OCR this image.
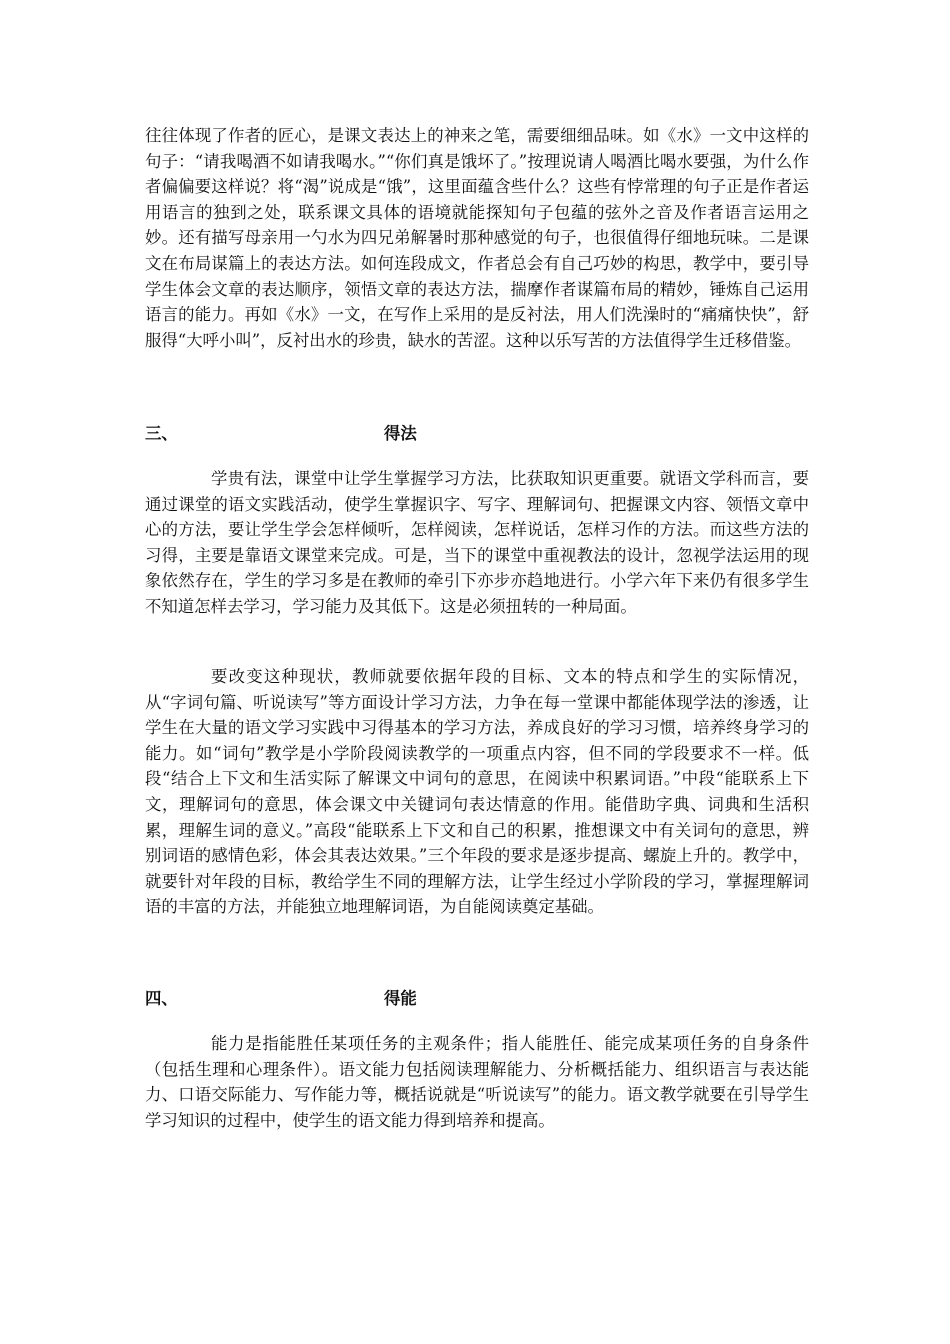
往往体现了作者的匠心，是课文表达上的神来之笔，需要细细品味。如《水》一文中这样的句子：“请我喝酒不如请我喝水。”“你们真是饿坏了。”按理说请人喝酒比喝水要强，为什么作者偏偏要这样说？将“渴”说成是“饿”，这里面蕴含些什么？这些有悖常理的句子正是作者运用语言的独到之处，联系课文具体的语境就能探知句子包蕴的弦外之音及作者语言运用之妙。还有描写母亲用一勺水为四兄弟解暑时那种感觉的句子，也很值得仔细地玩味。二是课文在布局谋篇上的表达方法。如何连段成文，作者总会有自己巧妙的构思，教学中，要引导学生体会文章的表达顺序，领悟文章的表达方法，揣摩作者谋篇布局的精妙，锤炼自己运用语言的能力。再如《水》一文，在写作上采用的是反衬法，用人们洗澡时的“痛痛快快”，舒服得“大呼小叫”，反衬出水的珍贵，缺水的苦涩。这种以乐写苦的方法值得学生迁移借鉴。

三、	得法

学贵有法，课堂中让学生掌握学习方法，比获取知识更重要。就语文学科而言，要通过课堂的语文实践活动，使学生掌握识字、写字、理解词句、把握课文内容、领悟文章中心的方法，要让学生学会怎样倾听，怎样阅读，怎样说话，怎样习作的方法。而这些方法的习得，主要是靠语文课堂来完成。可是，当下的课堂中重视教法的设计，忽视学法运用的现象依然存在，学生的学习多是在教师的牵引下亦步亦趋地进行。小学六年下来仍有很多学生不知道怎样去学习，学习能力及其低下。这是必须扭转的一种局面。

要改变这种现状，教师就要依据年段的目标、文本的特点和学生的实际情况，从“字词句篇、听说读写”等方面设计学习方法，力争在每一堂课中都能体现学法的渗透，让学生在大量的语文学习实践中习得基本的学习方法，养成良好的学习习惯，培养终身学习的能力。如“词句”教学是小学阶段阅读教学的一项重点内容，但不同的学段要求不一样。低段“结合上下文和生活实际了解课文中词句的意思，在阅读中积累词语。”中段“能联系上下文，理解词句的意思，体会课文中关键词句表达情意的作用。能借助字典、词典和生活积累，理解生词的意义。”高段“能联系上下文和自己的积累，推想课文中有关词句的意思，辨别词语的感情色彩，体会其表达效果。”三个年段的要求是逐步提高、螺旋上升的。教学中，就要针对年段的目标，教给学生不同的理解方法，让学生经过小学阶段的学习，掌握理解词语的丰富的方法，并能独立地理解词语，为自能阅读奠定基础。

四、	得能

能力是指能胜任某项任务的主观条件；指人能胜任、能完成某项任务的自身条件（包括生理和心理条件）。语文能力包括阅读理解能力、分析概括能力、组织语言与表达能力、口语交际能力、写作能力等，概括说就是“听说读写”的能力。语文教学就要在引导学生学习知识的过程中，使学生的语文能力得到培养和提高。
